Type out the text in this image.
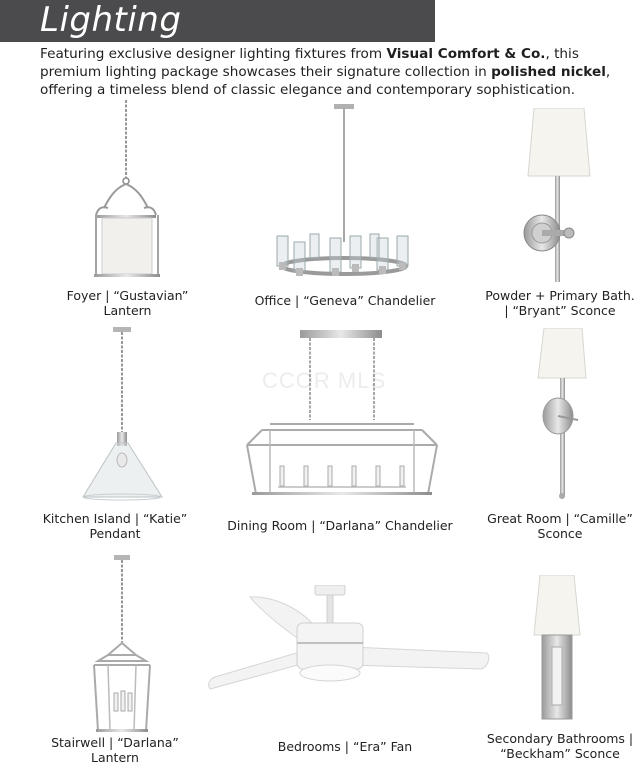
Lighting
Featuring exclusive designer lighting fixtures from Visual Comfort & Co., this premium lighting package showcases their signature collection in polished nickel, offering a timeless blend of classic elegance and contemporary sophistication.
CCOR MLS
Foyer | “Gustavian”
Lantern
Office | “Geneva” Chandelier	Powder + Primary Bath.
| “Bryant” Sconce
Kitchen Island | “Katie”
Pendant
Dining Room | “Darlana” Chandelier	Great Room | “Camille”
Sconce
Stairwell | “Darlana”
Lantern
Bedrooms | “Era” Fan
Secondary Bathrooms |
“Beckham” Sconce
